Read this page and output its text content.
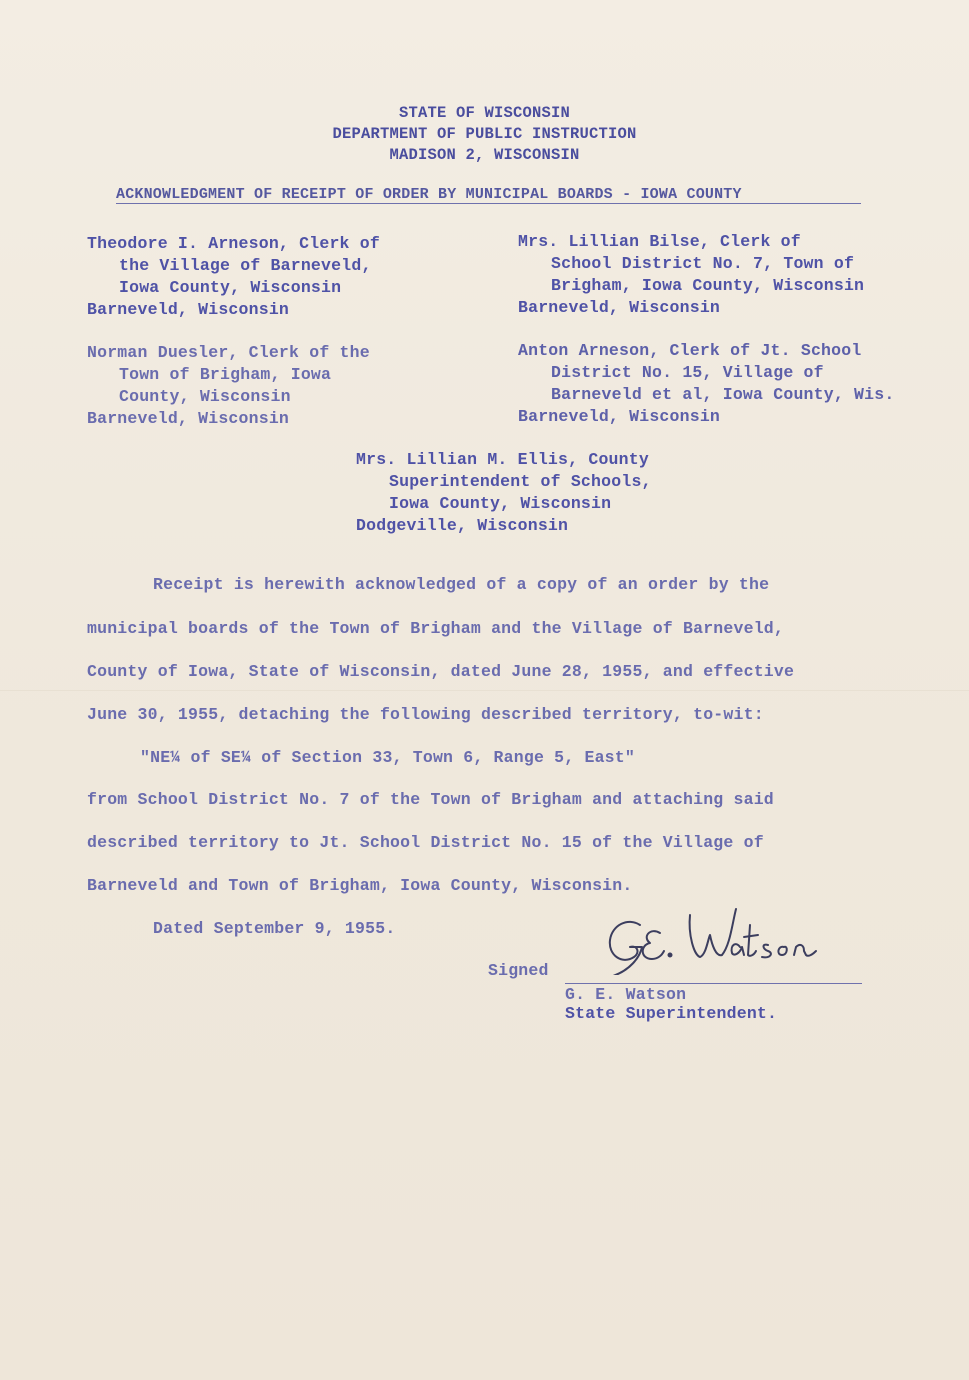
STATE OF WISCONSIN
DEPARTMENT OF PUBLIC INSTRUCTION
MADISON 2, WISCONSIN
ACKNOWLEDGMENT OF RECEIPT OF ORDER BY MUNICIPAL BOARDS - IOWA COUNTY
Theodore I. Arneson, Clerk of
the Village of Barneveld,
Iowa County, Wisconsin
Barneveld, Wisconsin
Mrs. Lillian Bilse, Clerk of
School District No. 7, Town of
Brigham, Iowa County, Wisconsin
Barneveld, Wisconsin
Norman Duesler, Clerk of the
Town of Brigham, Iowa
County, Wisconsin
Barneveld, Wisconsin
Anton Arneson, Clerk of Jt. School
District No. 15, Village of
Barneveld et al, Iowa County, Wis.
Barneveld, Wisconsin
Mrs. Lillian M. Ellis, County
Superintendent of Schools,
Iowa County, Wisconsin
Dodgeville, Wisconsin
Receipt is herewith acknowledged of a copy of an order by the
municipal boards of the Town of Brigham and the Village of Barneveld,
County of Iowa, State of Wisconsin, dated June 28, 1955, and effective
June 30, 1955, detaching the following described territory, to-wit:
"NE¼ of SE¼ of Section 33, Town 6, Range 5, East"
from School District No. 7 of the Town of Brigham and attaching said
described territory to Jt. School District No. 15 of the Village of
Barneveld and Town of Brigham, Iowa County, Wisconsin.
Dated September 9, 1955.
Signed
G. E. Watson
State Superintendent.
